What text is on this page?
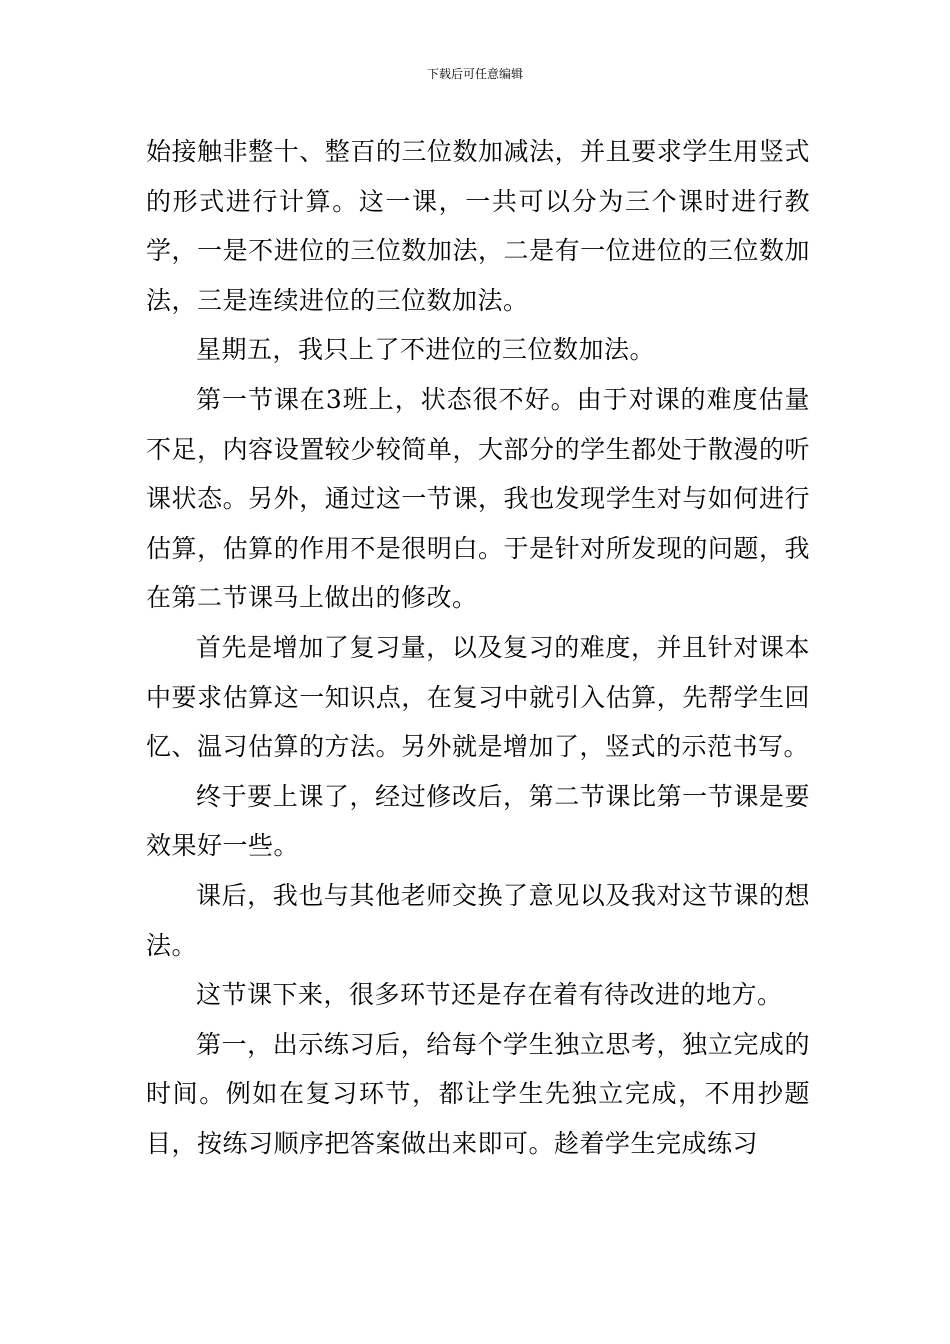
下载后可任意编辑

始接触非整十、整百的三位数加减法，并且要求学生用竖式的形式进行计算。这一课，一共可以分为三个课时进行教学，一是不进位的三位数加法，二是有一位进位的三位数加法，三是连续进位的三位数加法。

星期五，我只上了不进位的三位数加法。

第一节课在3班上，状态很不好。由于对课的难度估量不足，内容设置较少较简单，大部分的学生都处于散漫的听课状态。另外，通过这一节课，我也发现学生对与如何进行估算，估算的作用不是很明白。于是针对所发现的问题，我在第二节课马上做出的修改。

首先是增加了复习量，以及复习的难度，并且针对课本中要求估算这一知识点，在复习中就引入估算，先帮学生回忆、温习估算的方法。另外就是增加了，竖式的示范书写。

终于要上课了，经过修改后，第二节课比第一节课是要效果好一些。

课后，我也与其他老师交换了意见以及我对这节课的想法。

这节课下来，很多环节还是存在着有待改进的地方。

第一，出示练习后，给每个学生独立思考，独立完成的时间。例如在复习环节，都让学生先独立完成，不用抄题目，按练习顺序把答案做出来即可。趁着学生完成练习
